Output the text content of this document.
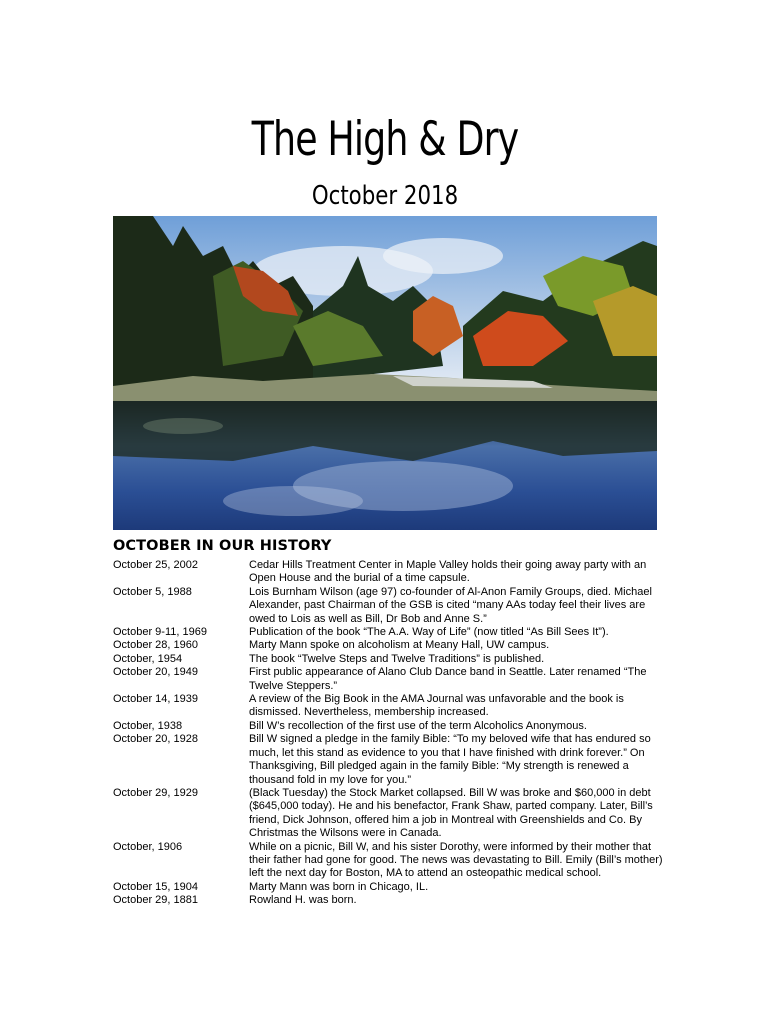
The High & Dry
October 2018
OCTOBER IN OUR HISTORY
October 25, 2002	Cedar Hills Treatment Center in Maple Valley holds their going away party with an Open House and the burial of a time capsule.
October 5, 1988	Lois Burnham Wilson (age 97) co-founder of Al-Anon Family Groups, died. Michael Alexander, past Chairman of the GSB is cited “many AAs today feel their lives are owed to Lois as well as Bill, Dr Bob and Anne S.”
October 9-11, 1969	Publication of the book “The A.A. Way of Life” (now titled “As Bill Sees It”).
October 28, 1960	Marty Mann spoke on alcoholism at Meany Hall, UW campus.
October, 1954	The book “Twelve Steps and Twelve Traditions” is published.
October 20, 1949	First public appearance of Alano Club Dance band in Seattle. Later renamed “The Twelve Steppers.”
October 14, 1939	A review of the Big Book in the AMA Journal was unfavorable and the book is dismissed. Nevertheless, membership increased.
October, 1938	Bill W’s recollection of the first use of the term Alcoholics Anonymous.
October 20, 1928	Bill W signed a pledge in the family Bible: “To my beloved wife that has endured so much, let this stand as evidence to you that I have finished with drink forever.” On Thanksgiving, Bill pledged again in the family Bible: “My strength is renewed a thousand fold in my love for you.”
October 29, 1929	(Black Tuesday) the Stock Market collapsed. Bill W was broke and $60,000 in debt ($645,000 today). He and his benefactor, Frank Shaw, parted company. Later, Bill’s friend, Dick Johnson, offered him a job in Montreal with Greenshields and Co. By Christmas the Wilsons were in Canada.
October, 1906	While on a picnic, Bill W, and his sister Dorothy, were informed by their mother that their father had gone for good. The news was devastating to Bill. Emily (Bill’s mother) left the next day for Boston, MA to attend an osteopathic medical school.
October 15, 1904	Marty Mann was born in Chicago, IL.
October 29, 1881	Rowland H. was born.
